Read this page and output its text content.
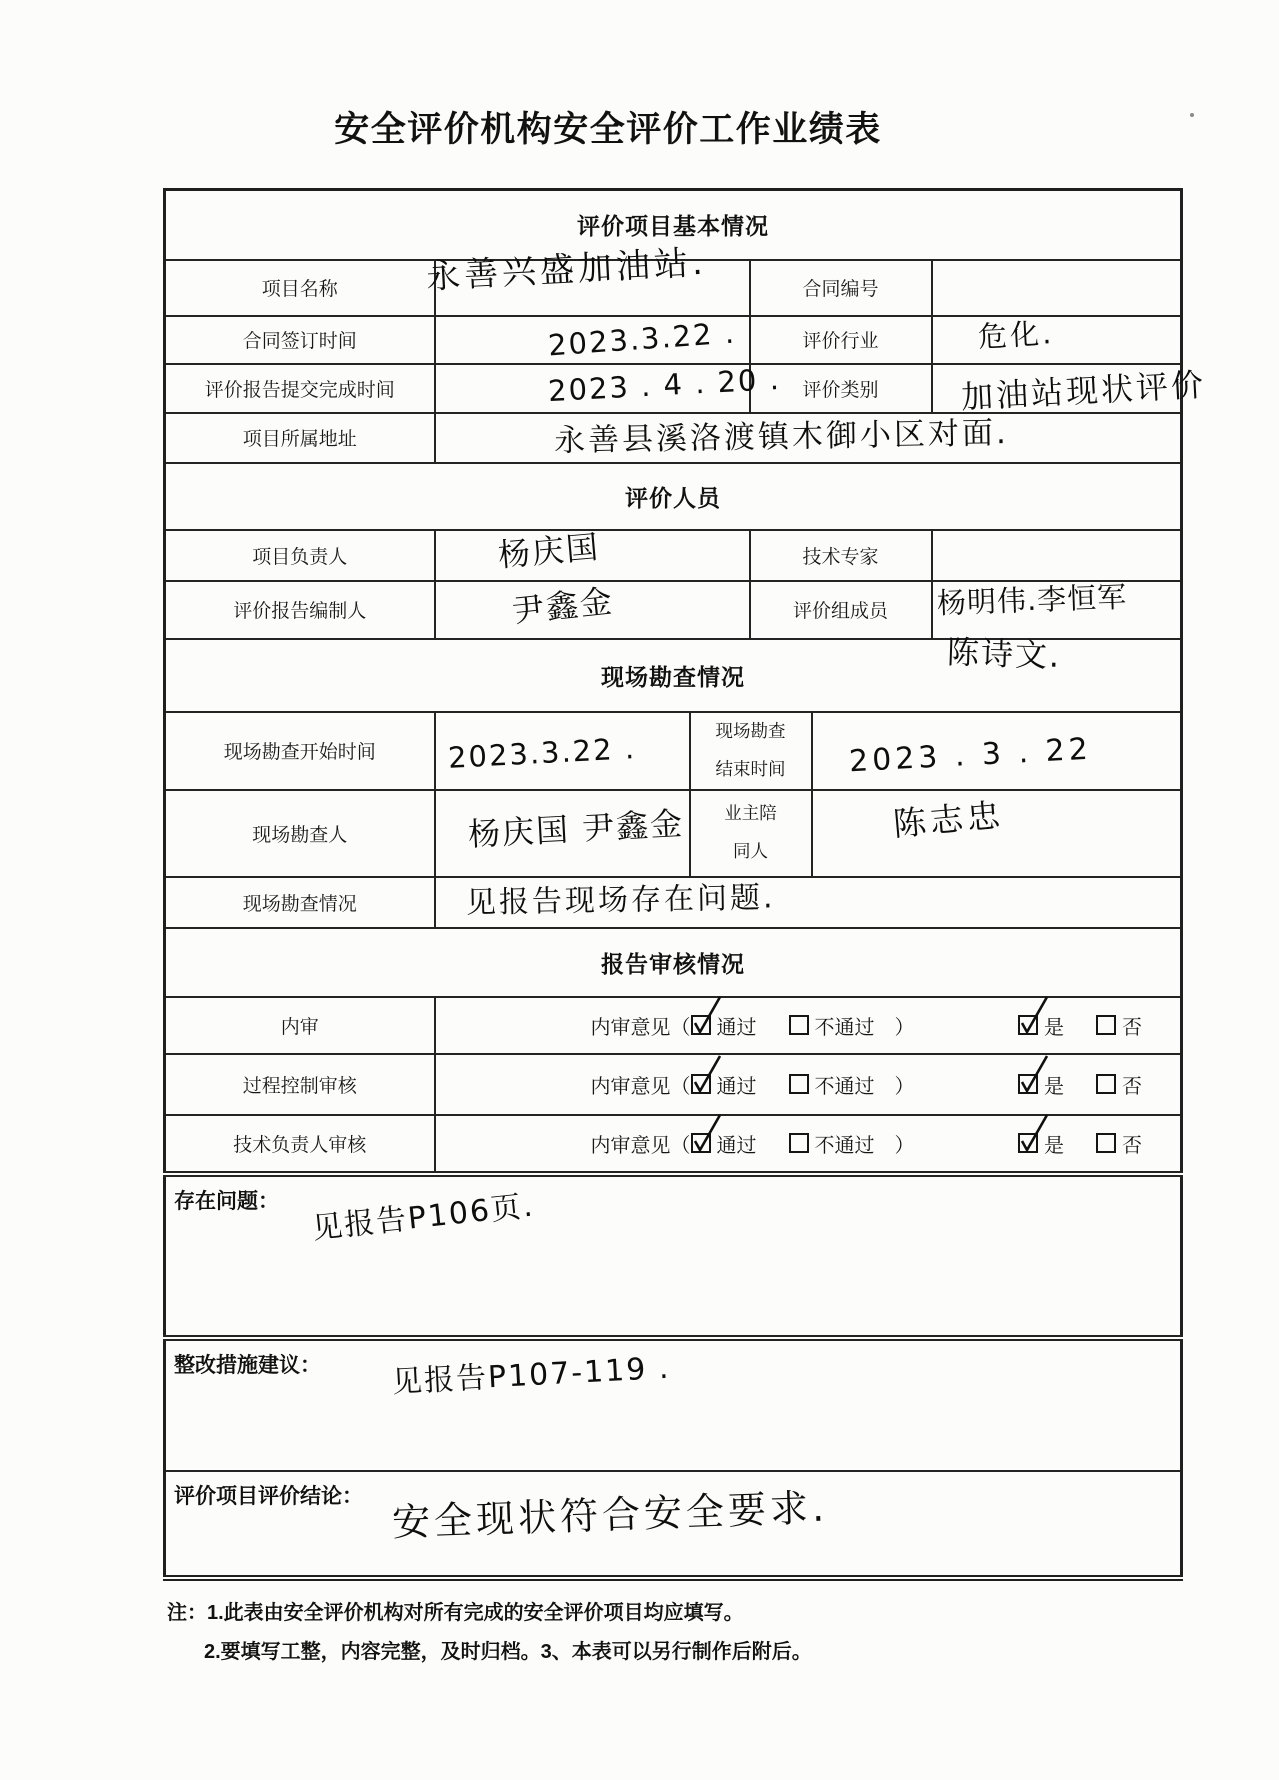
安全评价机构安全评价工作业绩表
评价项目基本情况					
项目名称	永善兴盛加油站.		合同编号		

合同签订时间	2023.3.22 .		评价行业		危化.

评价报告提交完成时间	2023 . 4 . 20 .		评价类别		加油站现状评价

项目所属地址	永善县溪洛渡镇木御小区对面.				

评价人员					
项目负责人	杨庆国		技术专家		

评价报告编制人	尹鑫金		评价组成员		杨明伟.李恒军
陈诗文.

现场勘查情况					
现场勘查开始时间	2023.3.22 .	现场勘查
结束时间		2023 . 3 . 22	

现场勘查人	杨庆国 尹鑫金	业主陪
同人		陈志忠	

现场勘查情况	见报告现场存在问题.				

报告审核情况					
内审	内审意见（ 通过	不通过 ）	是	否

过程控制审核	内审意见（ 通过	不通过 ）	是	否

技术负责人审核	内审意见（ 通过	不通过 ）	是	否

存在问题： 见报告P106页.					

整改措施建议： 见报告P107-119 .					

评价项目评价结论： 安全现状符合安全要求.					
注：1.此表由安全评价机构对所有完成的安全评价项目均应填写。
2.要填写工整，内容完整，及时归档。3、本表可以另行制作后附后。
